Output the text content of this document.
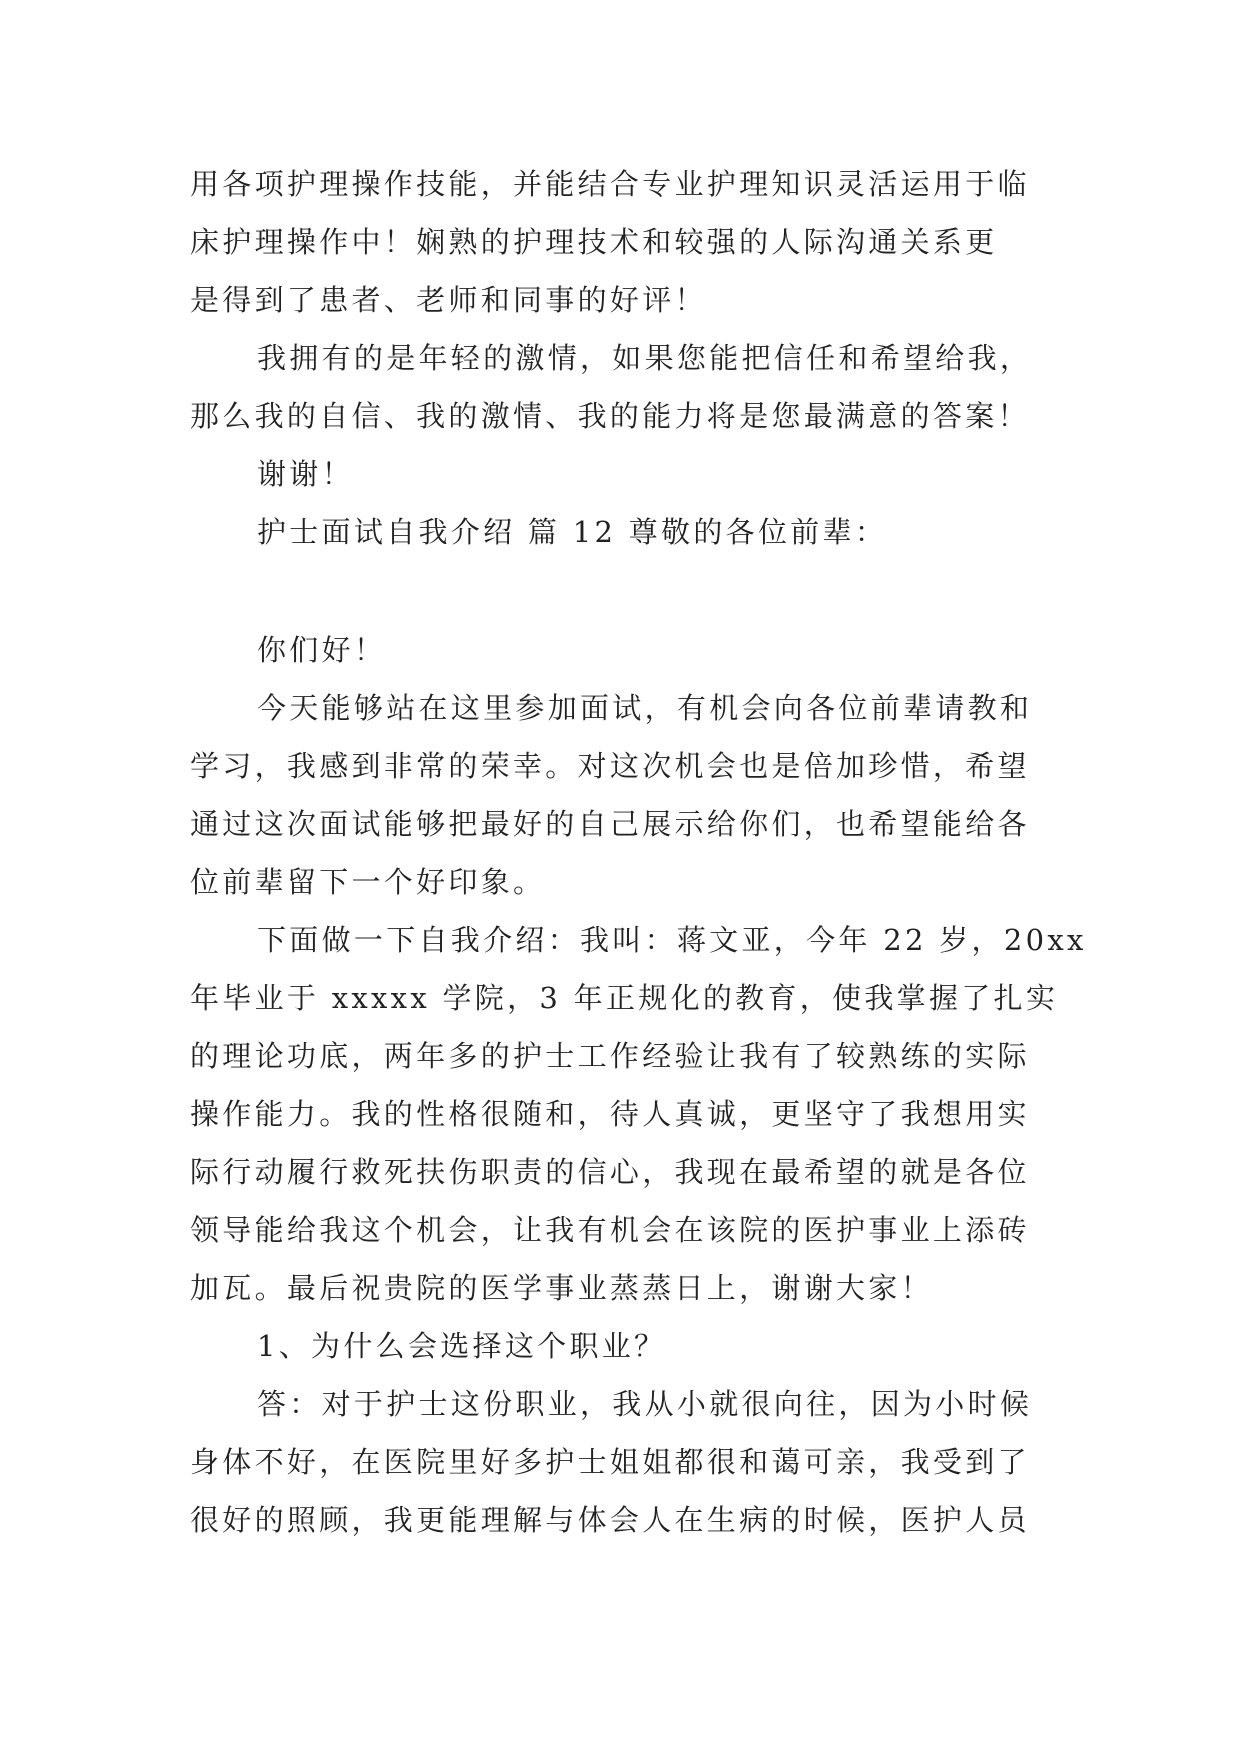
用各项护理操作技能，并能结合专业护理知识灵活运用于临
床护理操作中！娴熟的护理技术和较强的人际沟通关系更
是得到了患者、老师和同事的好评！
我拥有的是年轻的激情，如果您能把信任和希望给我，
那么我的自信、我的激情、我的能力将是您最满意的答案！
谢谢！
护士面试自我介绍 篇 12 尊敬的各位前辈：
你们好！
今天能够站在这里参加面试，有机会向各位前辈请教和
学习，我感到非常的荣幸。对这次机会也是倍加珍惜，希望
通过这次面试能够把最好的自己展示给你们，也希望能给各
位前辈留下一个好印象。
下面做一下自我介绍：我叫：蒋文亚，今年 22 岁，20xx
年毕业于 xxxxx 学院，3 年正规化的教育，使我掌握了扎实
的理论功底，两年多的护士工作经验让我有了较熟练的实际
操作能力。我的性格很随和，待人真诚，更坚守了我想用实
际行动履行救死扶伤职责的信心，我现在最希望的就是各位
领导能给我这个机会，让我有机会在该院的医护事业上添砖
加瓦。最后祝贵院的医学事业蒸蒸日上，谢谢大家！
1、为什么会选择这个职业？
答：对于护士这份职业，我从小就很向往，因为小时候
身体不好，在医院里好多护士姐姐都很和蔼可亲，我受到了
很好的照顾，我更能理解与体会人在生病的时候，医护人员
